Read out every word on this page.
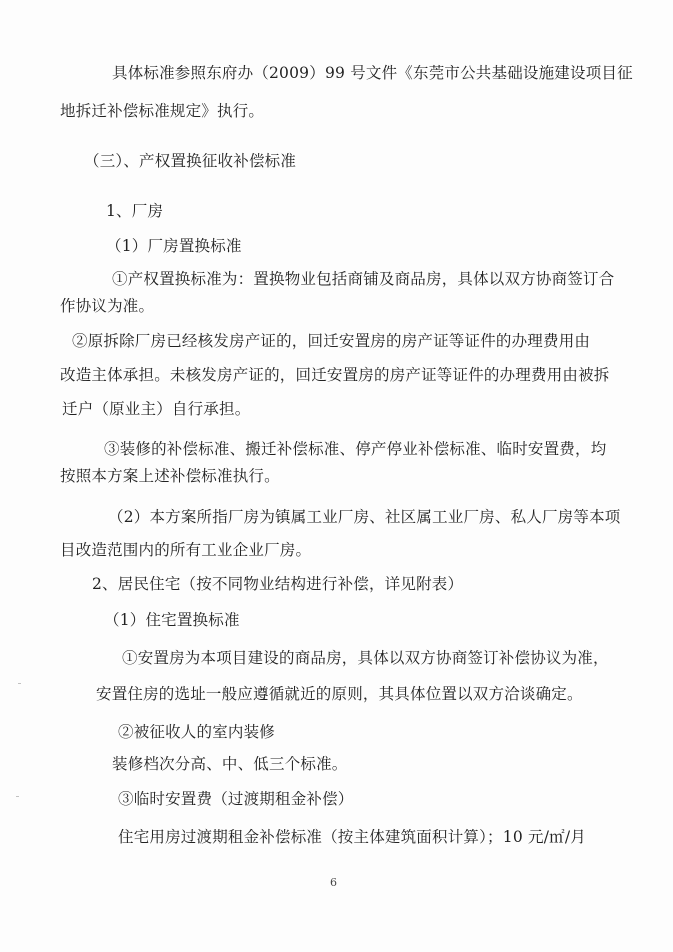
具体标准参照东府办（2009）99 号文件《东莞市公共基础设施建设项目征
地拆迁补偿标准规定》执行。
（三）、产权置换征收补偿标准
1、厂房
（1）厂房置换标准
①产权置换标准为：置换物业包括商铺及商品房，具体以双方协商签订合
作协议为准。
②原拆除厂房已经核发房产证的，回迁安置房的房产证等证件的办理费用由
改造主体承担。未核发房产证的，回迁安置房的房产证等证件的办理费用由被拆
迁户（原业主）自行承担。
③装修的补偿标准、搬迁补偿标准、停产停业补偿标准、临时安置费，均
按照本方案上述补偿标准执行。
（2）本方案所指厂房为镇属工业厂房、社区属工业厂房、私人厂房等本项
目改造范围内的所有工业企业厂房。
2、居民住宅（按不同物业结构进行补偿，详见附表）
（1）住宅置换标准
①安置房为本项目建设的商品房，具体以双方协商签订补偿协议为准，
安置住房的选址一般应遵循就近的原则，其具体位置以双方洽谈确定。
②被征收人的室内装修
装修档次分高、中、低三个标准。
③临时安置费（过渡期租金补偿）
住宅用房过渡期租金补偿标准（按主体建筑面积计算）；10 元/㎡/月
6
